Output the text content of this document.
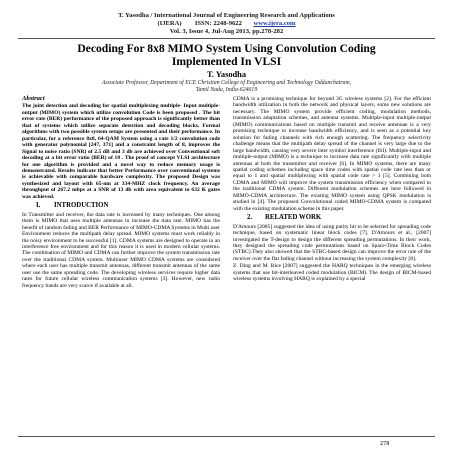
T. Yasodha / International Journal of Engineering Research and Applications
(IJERA) ISSN: 2248-9622 www.ijera.com
Vol. 3, Issue 4, Jul-Aug 2013, pp.278-282
Decoding For 8x8 MIMO System Using Convolution Coding
Implemented In VLSI
T. Yasodha
Associate Professor, Department of ECE Christian College of Engineering and Technology Oddanchatram,
Tamil Nadu, India-624619

Abstract

The joint detection and decoding for spatial multiplexing multiple- Input multiple- output (MIMO) system which utilize convolution Code is been proposed . The bit error rate (BER) performance of the proposed approach is significantly better than that of systems which utilize separate detection and decoding blocks. Formal algorithms with two possible system setups are presented and their performance. In particular, for a reference 8x8, 64-QAM System using a rate 1/2 convolution code with generator polynomial [247, 371] and a constraint length of 8, improves the Signal to noise ratio (SNR) of 2.5 dB and 3 db are achieved over Conventional soft decoding at a bit error ratio (BER) of 10 . The proof of concept VLSI architecture for one algorithm is provided and a novel way to reduce memory usage is demonstrated. Results indicate that better Performance over conventional systems is achievable with comparable hardware complexity. The proposed Design was synthesized and layout with 65-nm at 334-MHZ clock frequency. An average throughput of 267.2 mbps at a SNR of 13 db with area equivalent to 632 K gates was achieved.

I. INTRODUCTION

In Transmitter and receiver, the data rate is increased by many techniques. One among them is MIMO that uses multiple antennas to increase the data rate. MIMO has the benefit of random fading and BER Performance of MIMO-CDMA Systems in Multi user Environment reduces the multipath delay spread. MIMO systems must work reliably in the noisy environment to be successful [1]. CDMA systems are designed to operate in an interference free environment and for this reason it is used in modern cellular systems. The combination of MIMO and CDMA can further improve the system transmission rate over the traditional CDMA system. Multiuser MIMO CDMA systems are considered where each user has multiple transmit antennas, different transmit antennas of the same user use the same spreading code. The developing wireless services require higher data rates for future cellular wireless communication systems [3]. However, new radio frequency bands are very scarce if available at all.

CDMA is a promising technique for beyond 3G wireless systems [2]. For the efficient bandwidth utilization in both the network and physical layers, some new solutions are necessary. The MIMO system provide efficient coding, modulation methods, transmission adaptation schemes, and antenna systems. Multiple-input multiple-output (MIMO) communications based on multiple transmit and receive antennae is a very promising technique to increase bandwidth efficiency, and is seen as a potential key solution for fading channels with rich enough scattering. The frequency selectivity challenge means that the multipath delay spread of the channel is very large due to the large bandwidth, causing very severe inter symbol interference (ISI). Multiple-input and multiple-output (MIMO) is a technique to increase data rate significantly with multiple antennas at both the transmitter and receiver [6]. In MIMO systems, there are many spatial coding schemes including space time codes with spatial code rate less than or equal to 1 and spatial multiplexing with spatial code rate > 1 [5]. Combining both CDMA and MIMO will improve the system transmission efficiency when compared to the traditional CDMA system. Different modulation schemes are here followed in MIMO-CDMA architecture. The existing MIMO system using QPSK modulation is studied in [4]. The proposed Convolutional coded MIMO-CDMA system is compared with the existing modulation scheme in this paper.

2. RELATED WORK

D'Amours [2005] suggested the idea of using parity bit to be selected for spreading code technique, based on systematic linear block codes [7]. D'Amours et al., [2007] investigated the T-design to design the different spreading permutations. In their work, they designed the spreading code permutations based on Space-Time Block Codes (STBC).They also showed that the STBC-based design can improve the error rate of the receiver over the flat fading channel without increasing the system complexity [8].

Z. Ding and M. Rice [2007] suggested the HARQ techniques in the emerging wireless systems that use bit-interleaved coded modulation (BICM). The design of BICM-based wireless systems involving HARQ is explained by a special

278
